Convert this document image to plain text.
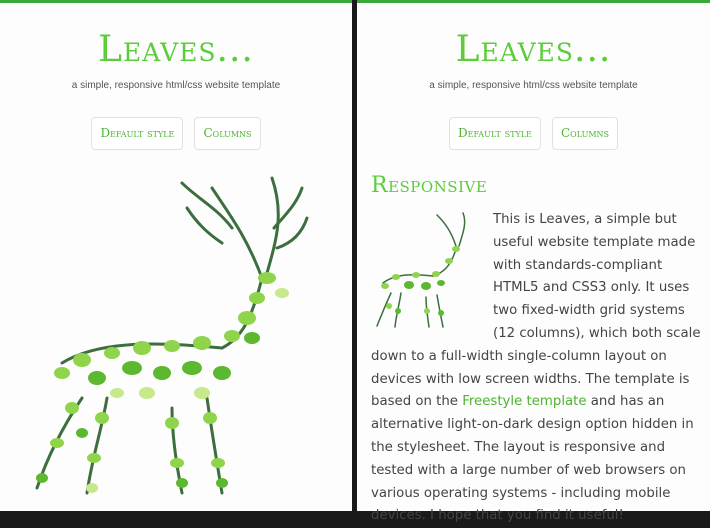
Leaves...
a simple, responsive html/css website template
Default style Columns
Leaves...
a simple, responsive html/css website template
Default style Columns
Responsive
This is Leaves, a simple but useful website template made with standards-compliant HTML5 and CSS3 only. It uses two fixed-width grid systems (12 columns), which both scale down to a full-width single-column layout on devices with low screen widths. The template is based on the Freestyle template and has an alternative light-on-dark design option hidden in the stylesheet. The layout is responsive and tested with a large number of web browsers on various operating systems - including mobile devices. I hope that you find it useful!
